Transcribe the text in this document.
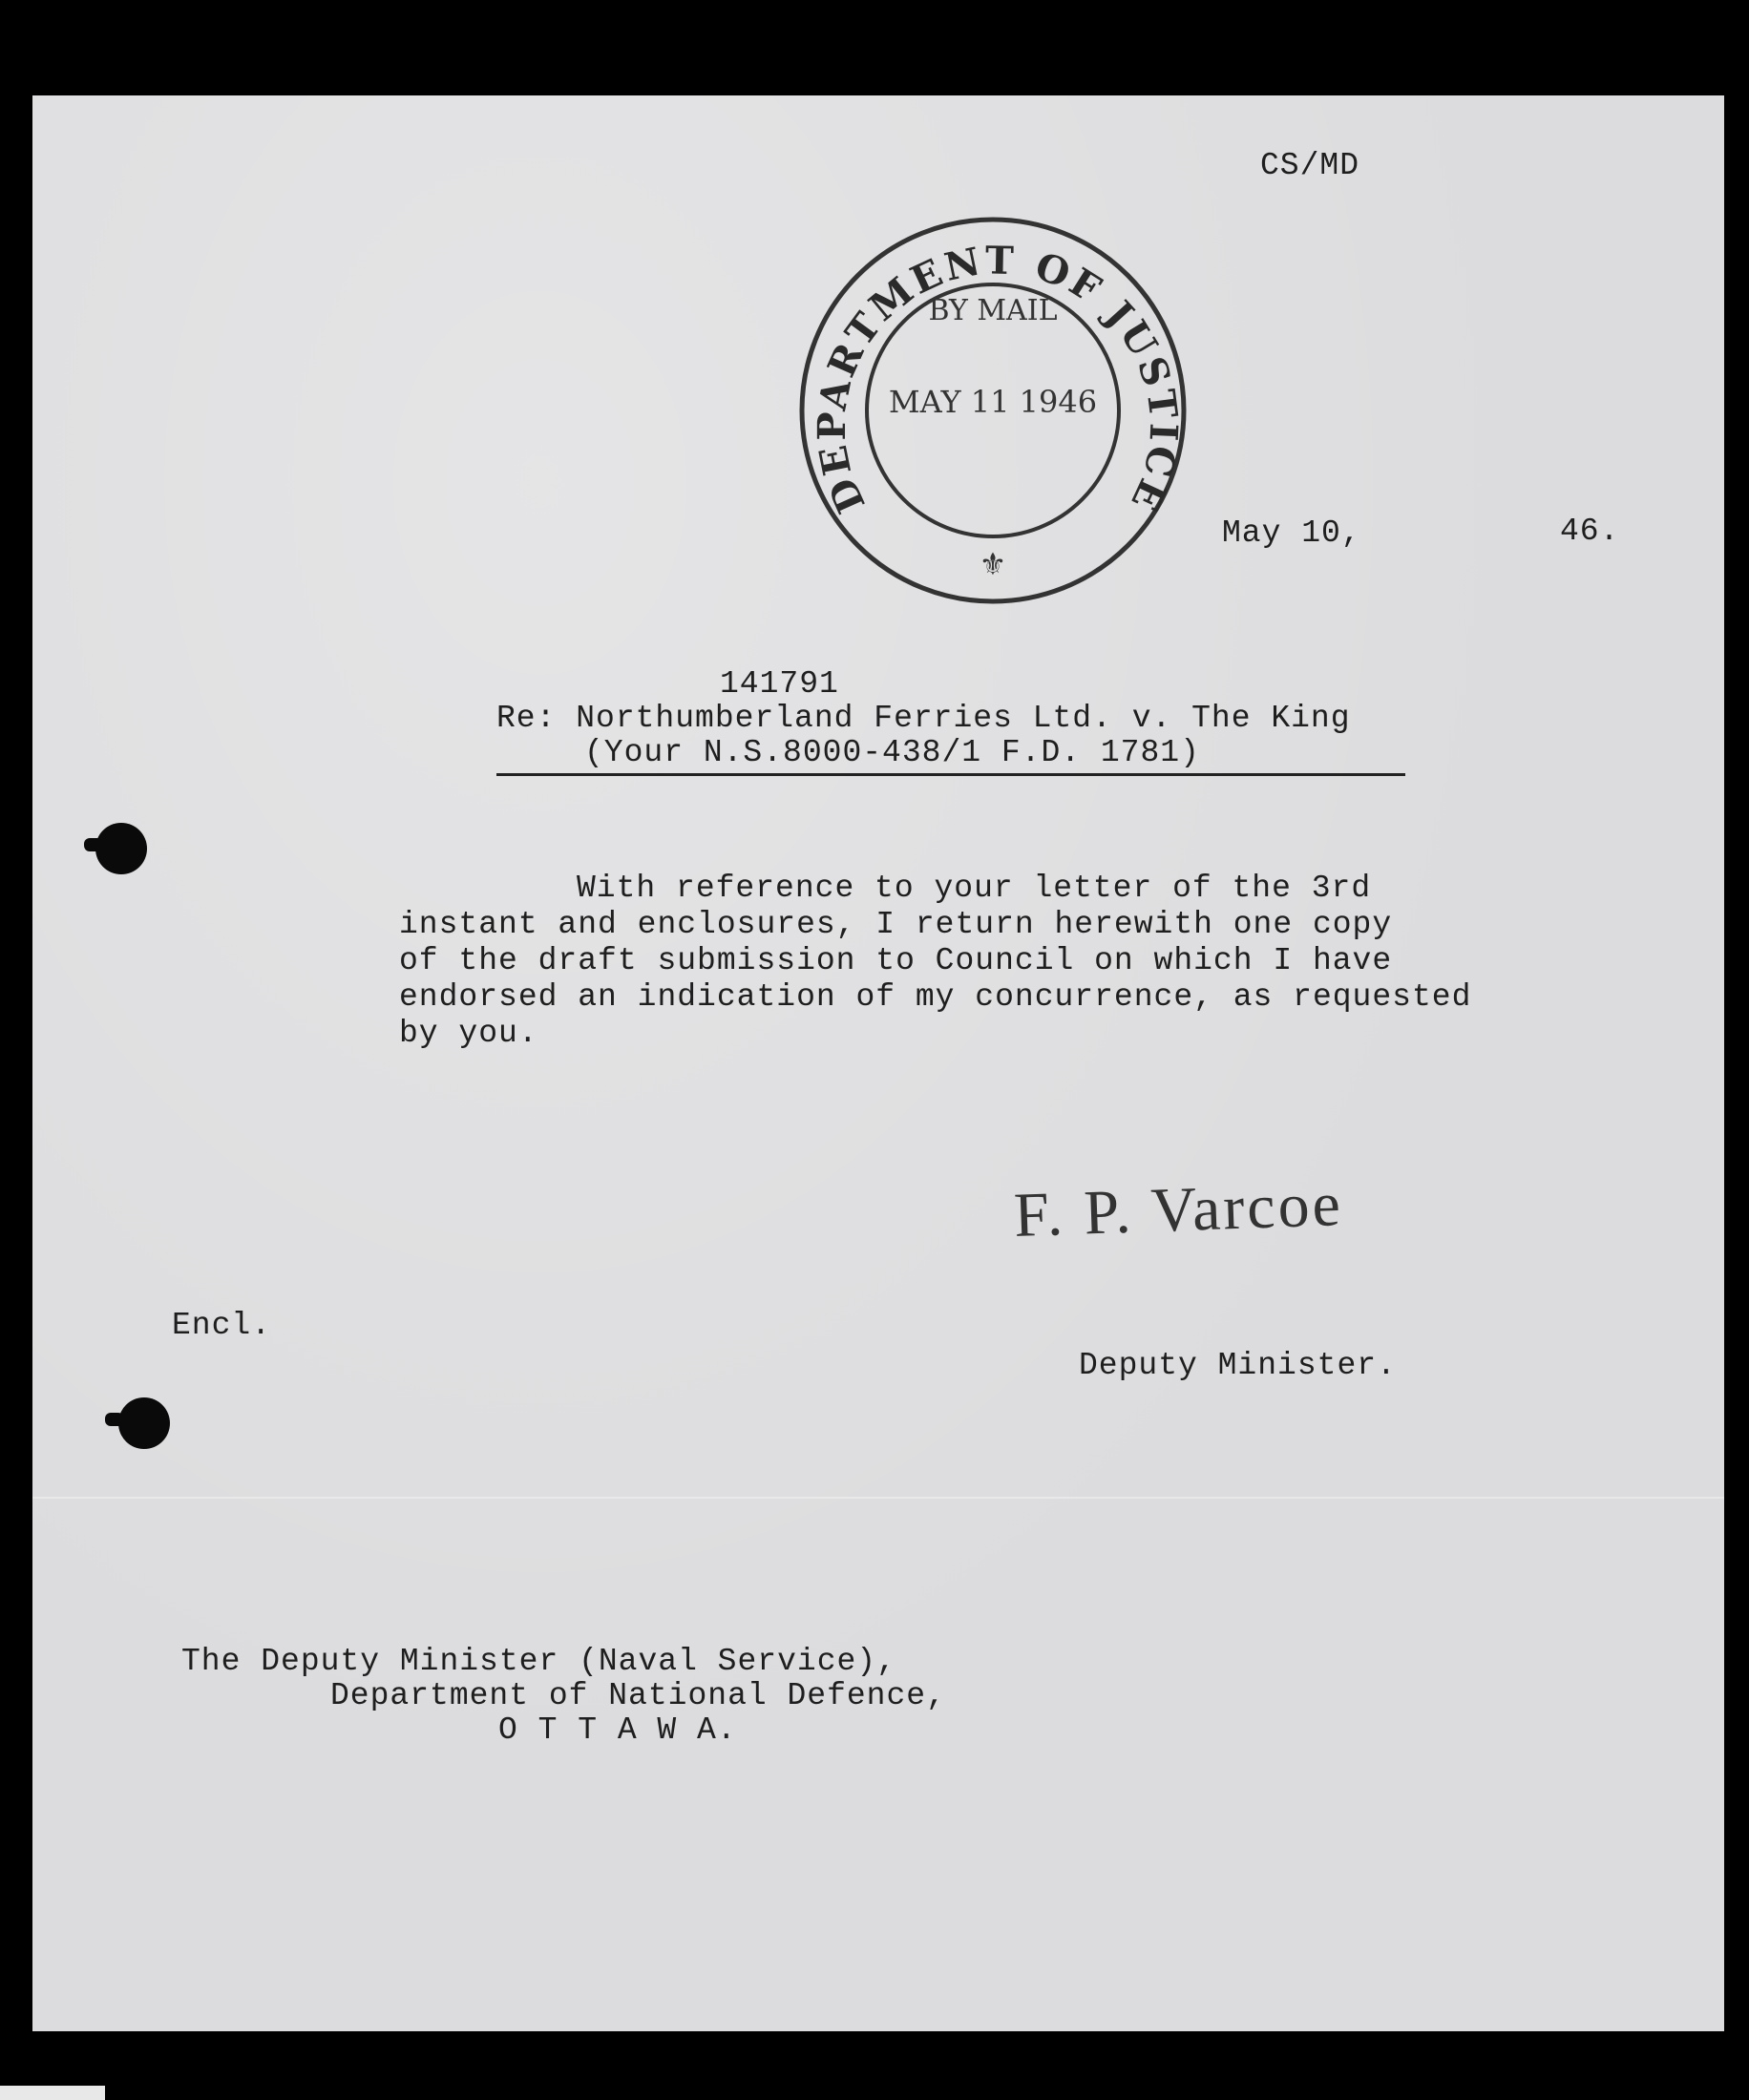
CS/MD
DEPARTMENT OF JUSTICE
BY MAIL
MAY 11 1946
⚜
May 10,	46.
141791
Re: Northumberland Ferries Ltd. v. The King
(Your N.S.8000-438/1 F.D. 1781)
With reference to your letter of the 3rd
instant and enclosures, I return herewith one copy
of the draft submission to Council on which I have
endorsed an indication of my concurrence, as requested
by you.
F. P. Varcoe
Encl.
Deputy Minister.
The Deputy Minister (Naval Service),
Department of National Defence,
O T T A W A.
